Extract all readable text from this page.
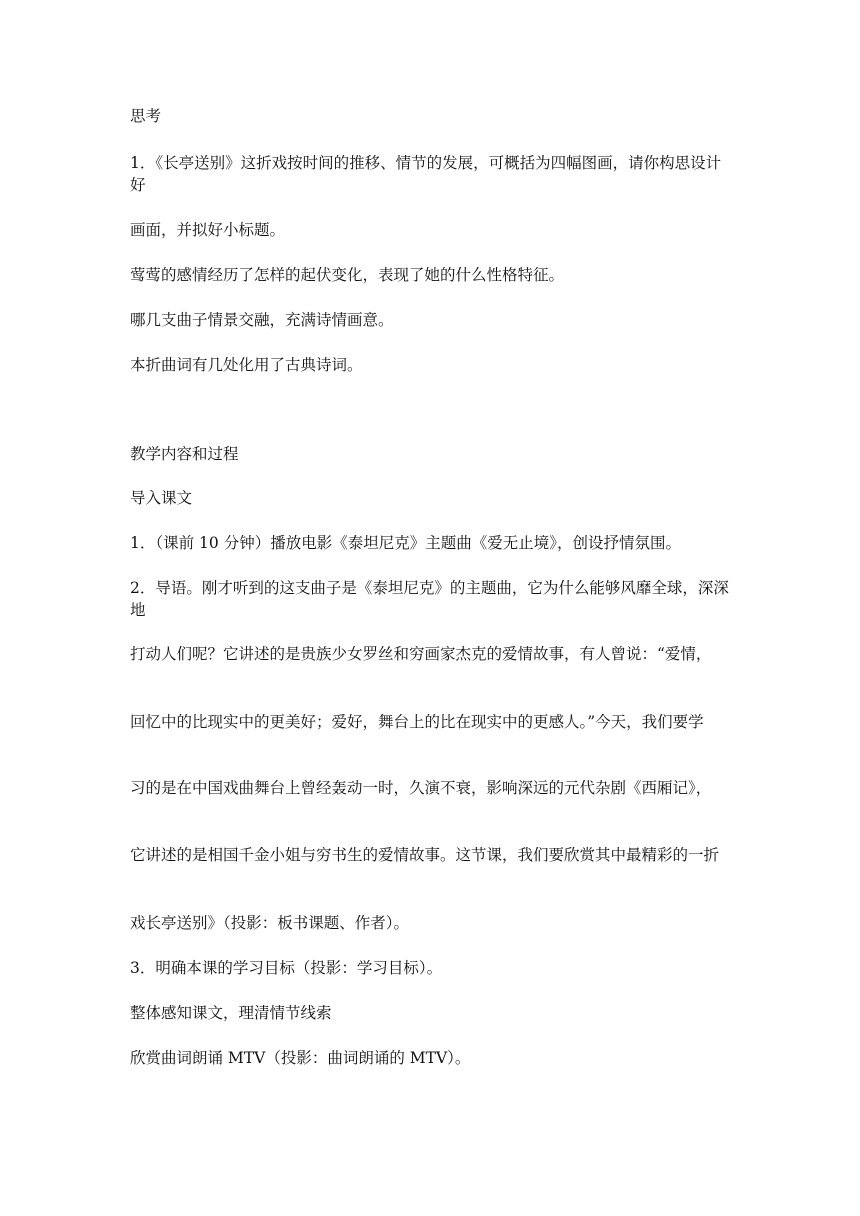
思考

1．《长亭送别》这折戏按时间的推移、情节的发展，可概括为四幅图画，请你构思设计好

画面，并拟好小标题。

莺莺的感情经历了怎样的起伏变化，表现了她的什么性格特征。

哪几支曲子情景交融，充满诗情画意。

本折曲词有几处化用了古典诗词。

教学内容和过程

导入课文

1．（课前 10 分钟）播放电影《泰坦尼克》主题曲《爱无止境》，创设抒情氛围。

2．导语。刚才听到的这支曲子是《泰坦尼克》的主题曲，它为什么能够风靡全球，深深地

打动人们呢？它讲述的是贵族少女罗丝和穷画家杰克的爱情故事，有人曾说：“爱情，

回忆中的比现实中的更美好；爱好，舞台上的比在现实中的更感人。”今天，我们要学

习的是在中国戏曲舞台上曾经轰动一时，久演不衰，影响深远的元代杂剧《西厢记》，

它讲述的是相国千金小姐与穷书生的爱情故事。这节课，我们要欣赏其中最精彩的一折

戏长亭送别》（投影：板书课题、作者）。

3．明确本课的学习目标（投影：学习目标）。

整体感知课文，理清情节线索

欣赏曲词朗诵 MTV（投影：曲词朗诵的 MTV）。
